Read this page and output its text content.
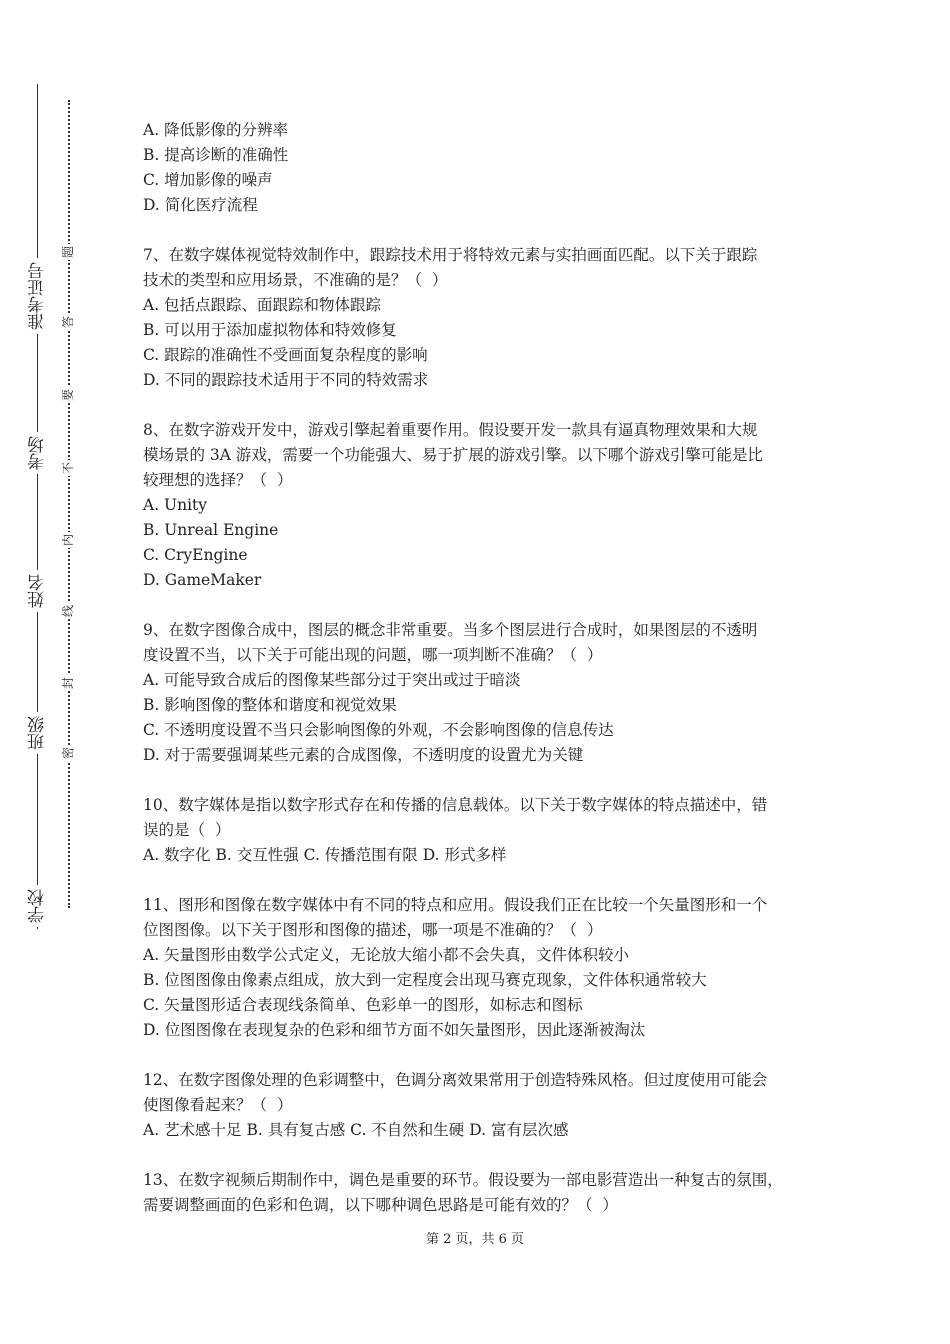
准考证号
考场
姓名
班级
学校
题
答
要
不
内
线
封
密
A. 降低影像的分辨率
B. 提高诊断的准确性
C. 增加影像的噪声
D. 简化医疗流程
7、在数字媒体视觉特效制作中，跟踪技术用于将特效元素与实拍画面匹配。以下关于跟踪
技术的类型和应用场景，不准确的是？（  ）
A. 包括点跟踪、面跟踪和物体跟踪
B. 可以用于添加虚拟物体和特效修复
C. 跟踪的准确性不受画面复杂程度的影响
D. 不同的跟踪技术适用于不同的特效需求
8、在数字游戏开发中，游戏引擎起着重要作用。假设要开发一款具有逼真物理效果和大规
模场景的 3A 游戏，需要一个功能强大、易于扩展的游戏引擎。以下哪个游戏引擎可能是比
较理想的选择？（  ）
A. Unity
B. Unreal Engine
C. CryEngine
D. GameMaker
9、在数字图像合成中，图层的概念非常重要。当多个图层进行合成时，如果图层的不透明
度设置不当，以下关于可能出现的问题，哪一项判断不准确？（  ）
A. 可能导致合成后的图像某些部分过于突出或过于暗淡
B. 影响图像的整体和谐度和视觉效果
C. 不透明度设置不当只会影响图像的外观，不会影响图像的信息传达
D. 对于需要强调某些元素的合成图像，不透明度的设置尤为关键
10、数字媒体是指以数字形式存在和传播的信息载体。以下关于数字媒体的特点描述中，错
误的是（  ）
A. 数字化 B. 交互性强 C. 传播范围有限 D. 形式多样
11、图形和图像在数字媒体中有不同的特点和应用。假设我们正在比较一个矢量图形和一个
位图图像。以下关于图形和图像的描述，哪一项是不准确的？（  ）
A. 矢量图形由数学公式定义，无论放大缩小都不会失真，文件体积较小
B. 位图图像由像素点组成，放大到一定程度会出现马赛克现象，文件体积通常较大
C. 矢量图形适合表现线条简单、色彩单一的图形，如标志和图标
D. 位图图像在表现复杂的色彩和细节方面不如矢量图形，因此逐渐被淘汰
12、在数字图像处理的色彩调整中，色调分离效果常用于创造特殊风格。但过度使用可能会
使图像看起来？（  ）
A. 艺术感十足 B. 具有复古感 C. 不自然和生硬 D. 富有层次感
13、在数字视频后期制作中，调色是重要的环节。假设要为一部电影营造出一种复古的氛围，
需要调整画面的色彩和色调，以下哪种调色思路是可能有效的？（  ）
第 2 页，共 6 页
